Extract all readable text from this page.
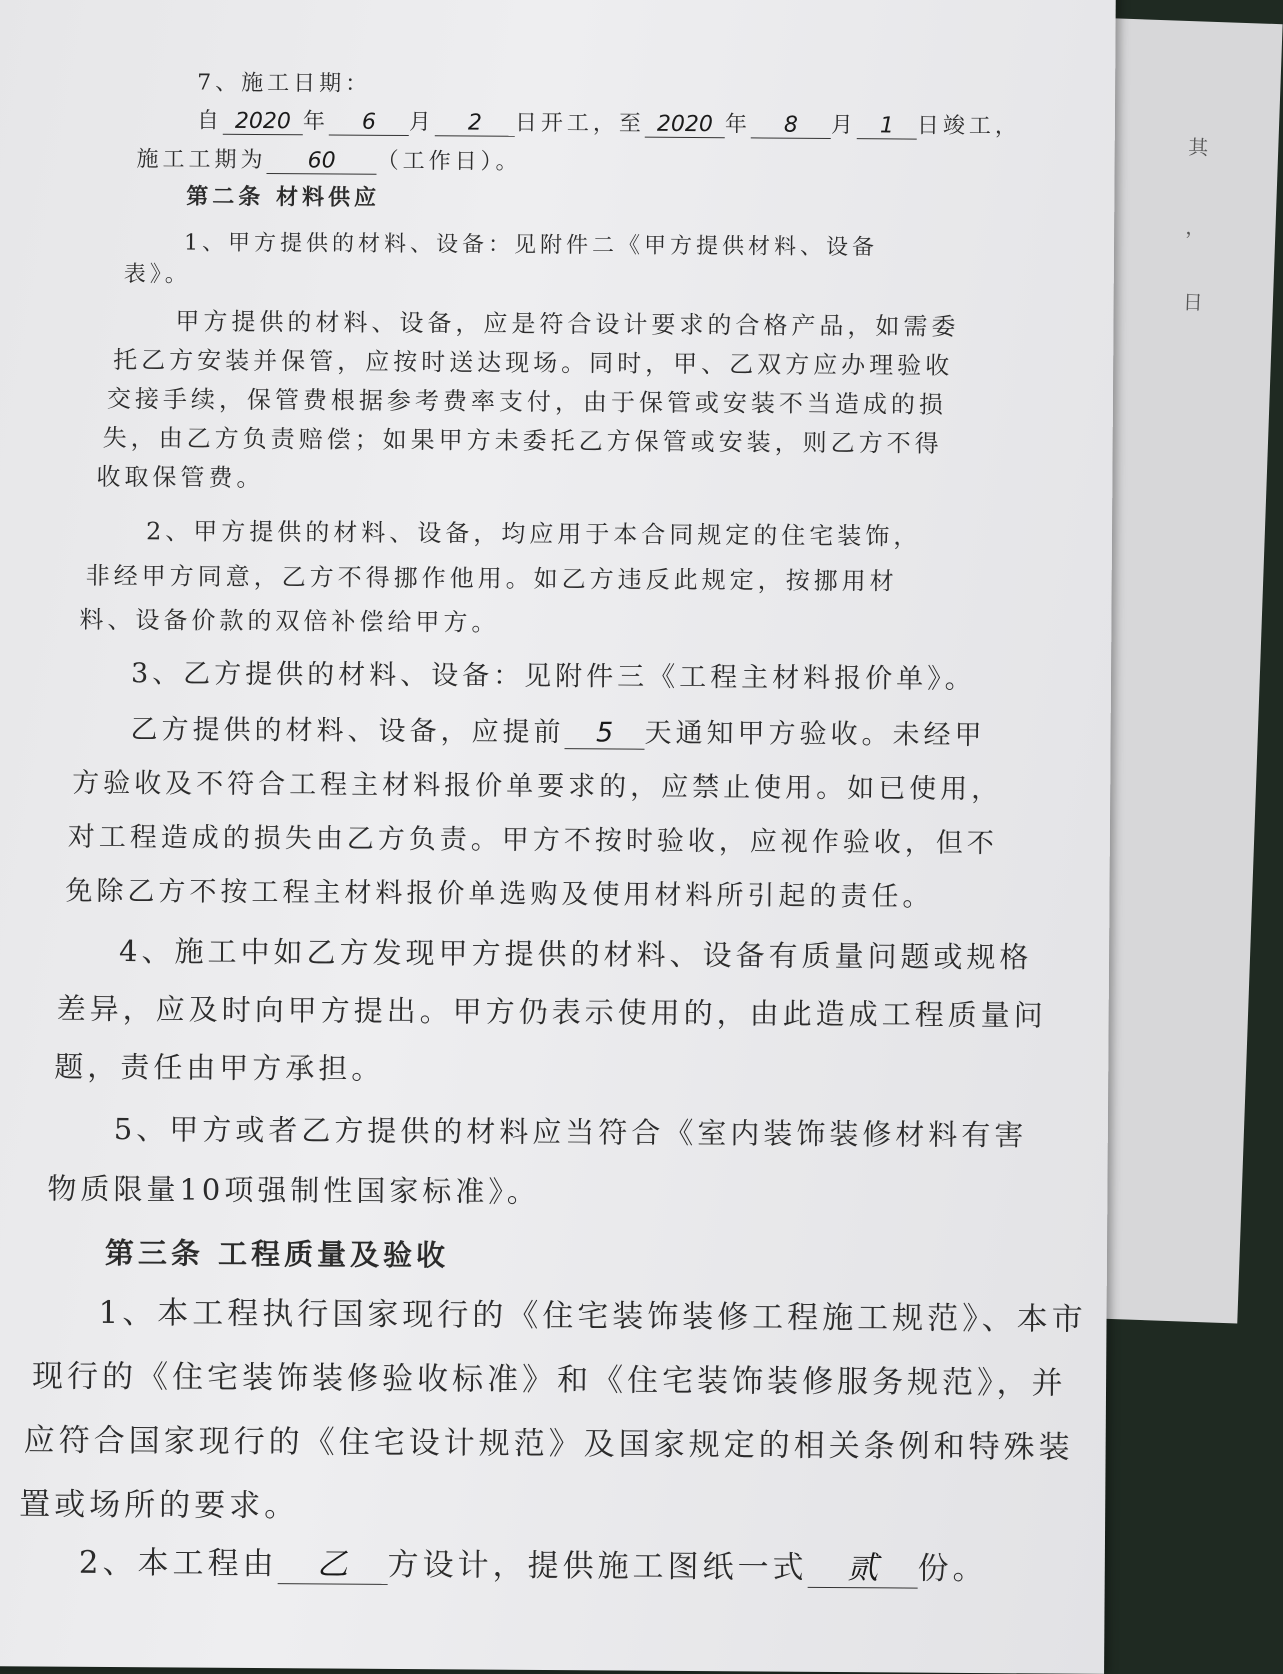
其
，
日
7、施工日期：
自 2020 年 6 月 2 日开工，至 2020 年 8 月 1 日竣工，
施工工期为 60 （工作日）。
第二条 材料供应
1、甲方提供的材料、设备：见附件二《甲方提供材料、设备
表》。
甲方提供的材料、设备，应是符合设计要求的合格产品，如需委
托乙方安装并保管，应按时送达现场。同时，甲、乙双方应办理验收
交接手续，保管费根据参考费率支付，由于保管或安装不当造成的损
失，由乙方负责赔偿；如果甲方未委托乙方保管或安装，则乙方不得
收取保管费。
2、甲方提供的材料、设备，均应用于本合同规定的住宅装饰，
非经甲方同意，乙方不得挪作他用。如乙方违反此规定，按挪用材
料、设备价款的双倍补偿给甲方。
3、乙方提供的材料、设备：见附件三《工程主材料报价单》。
乙方提供的材料、设备，应提前 5 天通知甲方验收。未经甲
方验收及不符合工程主材料报价单要求的，应禁止使用。如已使用，
对工程造成的损失由乙方负责。甲方不按时验收，应视作验收，但不
免除乙方不按工程主材料报价单选购及使用材料所引起的责任。
4、施工中如乙方发现甲方提供的材料、设备有质量问题或规格
差异，应及时向甲方提出。甲方仍表示使用的，由此造成工程质量问
题，责任由甲方承担。
5、甲方或者乙方提供的材料应当符合《室内装饰装修材料有害
物质限量10项强制性国家标准》。
第三条 工程质量及验收
1、本工程执行国家现行的《住宅装饰装修工程施工规范》、本市
现行的《住宅装饰装修验收标准》和《住宅装饰装修服务规范》，并
应符合国家现行的《住宅设计规范》及国家规定的相关条例和特殊装
置或场所的要求。
2、本工程由 乙 方设计，提供施工图纸一式 贰 份。
